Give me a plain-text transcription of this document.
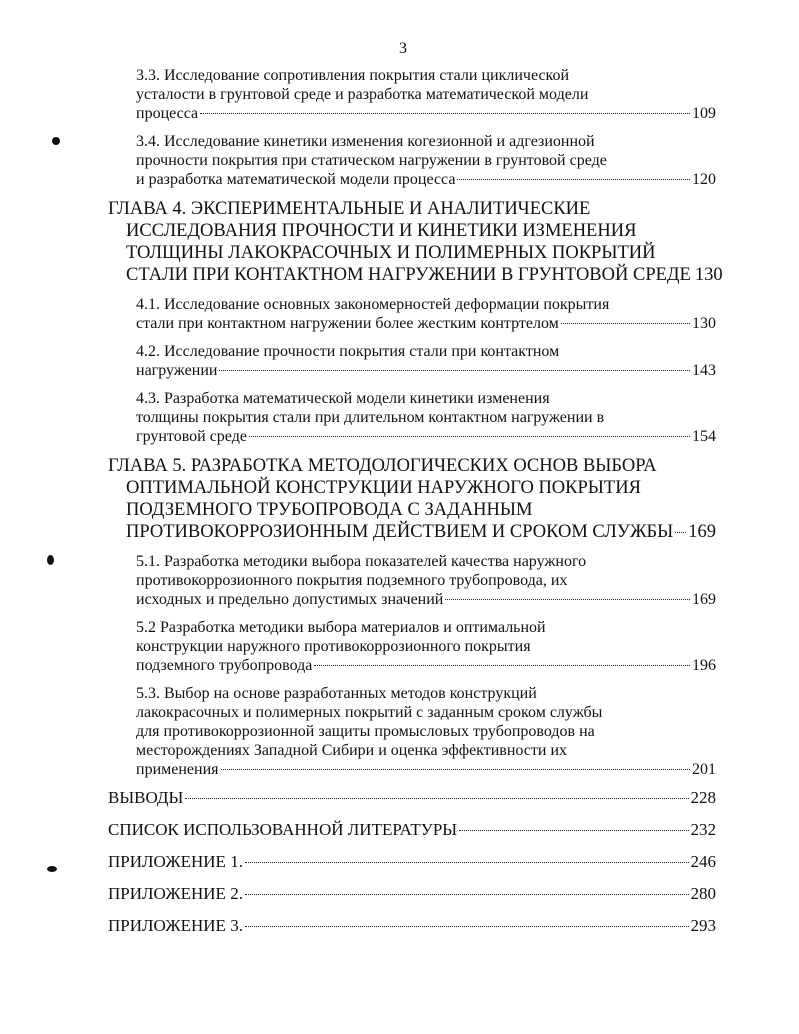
3
3.3. Исследование сопротивления покрытия стали циклической
усталости в грунтовой среде и разработка математической модели
процесса	109
3.4. Исследование кинетики изменения когезионной и адгезионной
прочности покрытия при статическом нагружении в грунтовой среде
и разработка математической модели процесса	120
ГЛАВА 4. ЭКСПЕРИМЕНТАЛЬНЫЕ И АНАЛИТИЧЕСКИЕ
ИССЛЕДОВАНИЯ ПРОЧНОСТИ И КИНЕТИКИ ИЗМЕНЕНИЯ
ТОЛЩИНЫ ЛАКОКРАСОЧНЫХ И ПОЛИМЕРНЫХ ПОКРЫТИЙ
СТАЛИ ПРИ КОНТАКТНОМ НАГРУЖЕНИИ В ГРУНТОВОЙ СРЕДЕ 130
4.1. Исследование основных закономерностей деформации покрытия
стали при контактном нагружении более жестким контртелом	130
4.2. Исследование прочности покрытия стали при контактном
нагружении	143
4.3. Разработка математической модели кинетики изменения
толщины покрытия стали при длительном контактном нагружении в
грунтовой среде	154
ГЛАВА 5. РАЗРАБОТКА МЕТОДОЛОГИЧЕСКИХ ОСНОВ ВЫБОРА
ОПТИМАЛЬНОЙ КОНСТРУКЦИИ НАРУЖНОГО ПОКРЫТИЯ
ПОДЗЕМНОГО ТРУБОПРОВОДА С ЗАДАННЫМ
ПРОТИВОКОРРОЗИОННЫМ ДЕЙСТВИЕМ И СРОКОМ СЛУЖБЫ 169
5.1. Разработка методики выбора показателей качества наружного
противокоррозионного покрытия подземного трубопровода, их
исходных и предельно допустимых значений	169
5.2 Разработка методики выбора материалов и оптимальной
конструкции наружного противокоррозионного покрытия
подземного трубопровода	196
5.3. Выбор на основе разработанных методов конструкций
лакокрасочных и полимерных покрытий с заданным сроком службы
для противокоррозионной защиты промысловых трубопроводов на
месторождениях Западной Сибири и оценка эффективности их
применения	201
ВЫВОДЫ	228
СПИСОК ИСПОЛЬЗОВАННОЙ ЛИТЕРАТУРЫ	232
ПРИЛОЖЕНИЕ 1.	246
ПРИЛОЖЕНИЕ 2.	280
ПРИЛОЖЕНИЕ 3.	293
